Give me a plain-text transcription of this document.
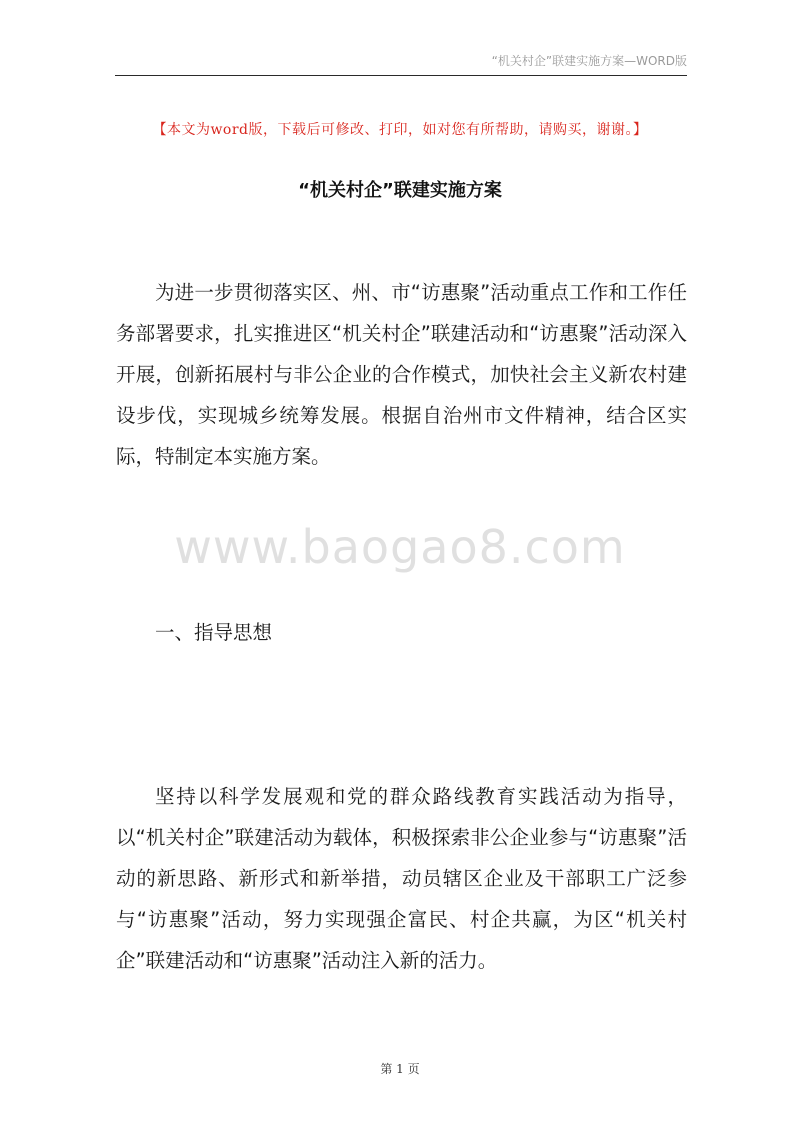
“机关村企”联建实施方案—WORD版
【本文为word版，下载后可修改、打印，如对您有所帮助，请购买，谢谢。】
“机关村企”联建实施方案

为进一步贯彻落实区、州、市“访惠聚”活动重点工作和工作任务部署要求，扎实推进区“机关村企”联建活动和“访惠聚”活动深入开展，创新拓展村与非公企业的合作模式，加快社会主义新农村建设步伐，实现城乡统筹发展。根据自治州市文件精神，结合区实际，特制定本实施方案。

www.baogao8.com
一、指导思想

坚持以科学发展观和党的群众路线教育实践活动为指导，以“机关村企”联建活动为载体，积极探索非公企业参与“访惠聚”活动的新思路、新形式和新举措，动员辖区企业及干部职工广泛参与“访惠聚”活动，努力实现强企富民、村企共赢，为区“机关村企”联建活动和“访惠聚”活动注入新的活力。

第 1 页
